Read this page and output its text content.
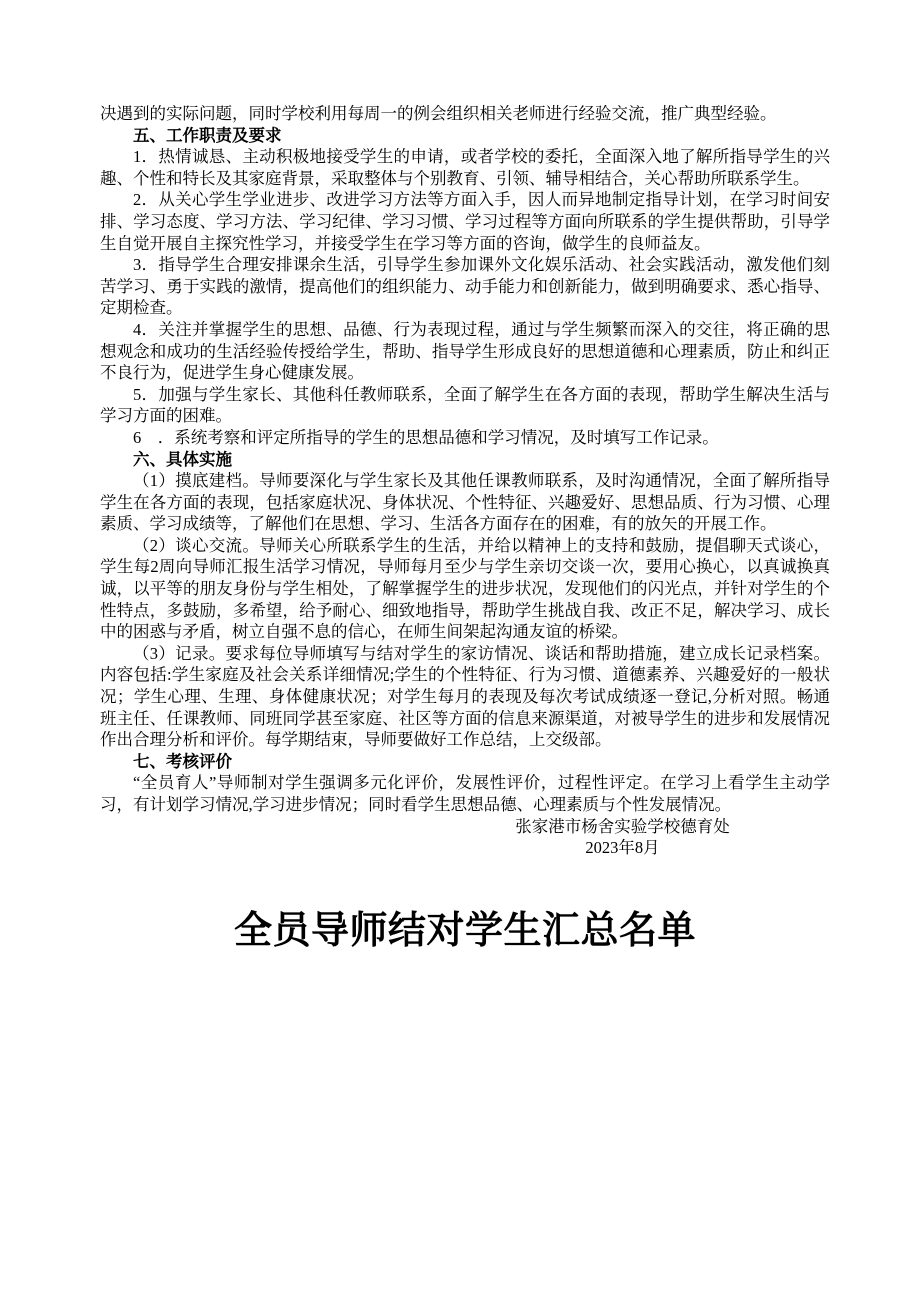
决遇到的实际问题，同时学校利用每周一的例会组织相关老师进行经验交流，推广典型经验。

五、工作职责及要求

1．热情诚恳、主动积极地接受学生的申请，或者学校的委托，全面深入地了解所指导学生的兴趣、个性和特长及其家庭背景，采取整体与个别教育、引领、辅导相结合，关心帮助所联系学生。

2．从关心学生学业进步、改进学习方法等方面入手，因人而异地制定指导计划，在学习时间安排、学习态度、学习方法、学习纪律、学习习惯、学习过程等方面向所联系的学生提供帮助，引导学生自觉开展自主探究性学习，并接受学生在学习等方面的咨询，做学生的良师益友。

3．指导学生合理安排课余生活，引导学生参加课外文化娱乐活动、社会实践活动，激发他们刻苦学习、勇于实践的激情，提高他们的组织能力、动手能力和创新能力，做到明确要求、悉心指导、定期检查。

4．关注并掌握学生的思想、品德、行为表现过程，通过与学生频繁而深入的交往，将正确的思想观念和成功的生活经验传授给学生，帮助、指导学生形成良好的思想道德和心理素质，防止和纠正不良行为，促进学生身心健康发展。

5．加强与学生家长、其他科任教师联系，全面了解学生在各方面的表现，帮助学生解决生活与学习方面的困难。

6　．系统考察和评定所指导的学生的思想品德和学习情况，及时填写工作记录。

六、具体实施

（1）摸底建档。导师要深化与学生家长及其他任课教师联系，及时沟通情况，全面了解所指导学生在各方面的表现，包括家庭状况、身体状况、个性特征、兴趣爱好、思想品质、行为习惯、心理素质、学习成绩等，了解他们在思想、学习、生活各方面存在的困难，有的放矢的开展工作。

（2）谈心交流。导师关心所联系学生的生活，并给以精神上的支持和鼓励，提倡聊天式谈心，学生每2周向导师汇报生活学习情况，导师每月至少与学生亲切交谈一次，要用心换心，以真诚换真诚，以平等的朋友身份与学生相处，了解掌握学生的进步状况，发现他们的闪光点，并针对学生的个性特点，多鼓励，多希望，给予耐心、细致地指导，帮助学生挑战自我、改正不足，解决学习、成长中的困惑与矛盾，树立自强不息的信心，在师生间架起沟通友谊的桥梁。

（3）记录。要求每位导师填写与结对学生的家访情况、谈话和帮助措施，建立成长记录档案。内容包括:学生家庭及社会关系详细情况;学生的个性特征、行为习惯、道德素养、兴趣爱好的一般状况；学生心理、生理、身体健康状况；对学生每月的表现及每次考试成绩逐一登记,分析对照。畅通班主任、任课教师、同班同学甚至家庭、社区等方面的信息来源渠道，对被导学生的进步和发展情况作出合理分析和评价。每学期结束，导师要做好工作总结，上交级部。

七、考核评价

“全员育人”导师制对学生强调多元化评价，发展性评价，过程性评定。在学习上看学生主动学习，有计划学习情况,学习进步情况；同时看学生思想品德、心理素质与个性发展情况。

张家港市杨舍实验学校德育处

2023年8月

全员导师结对学生汇总名单
